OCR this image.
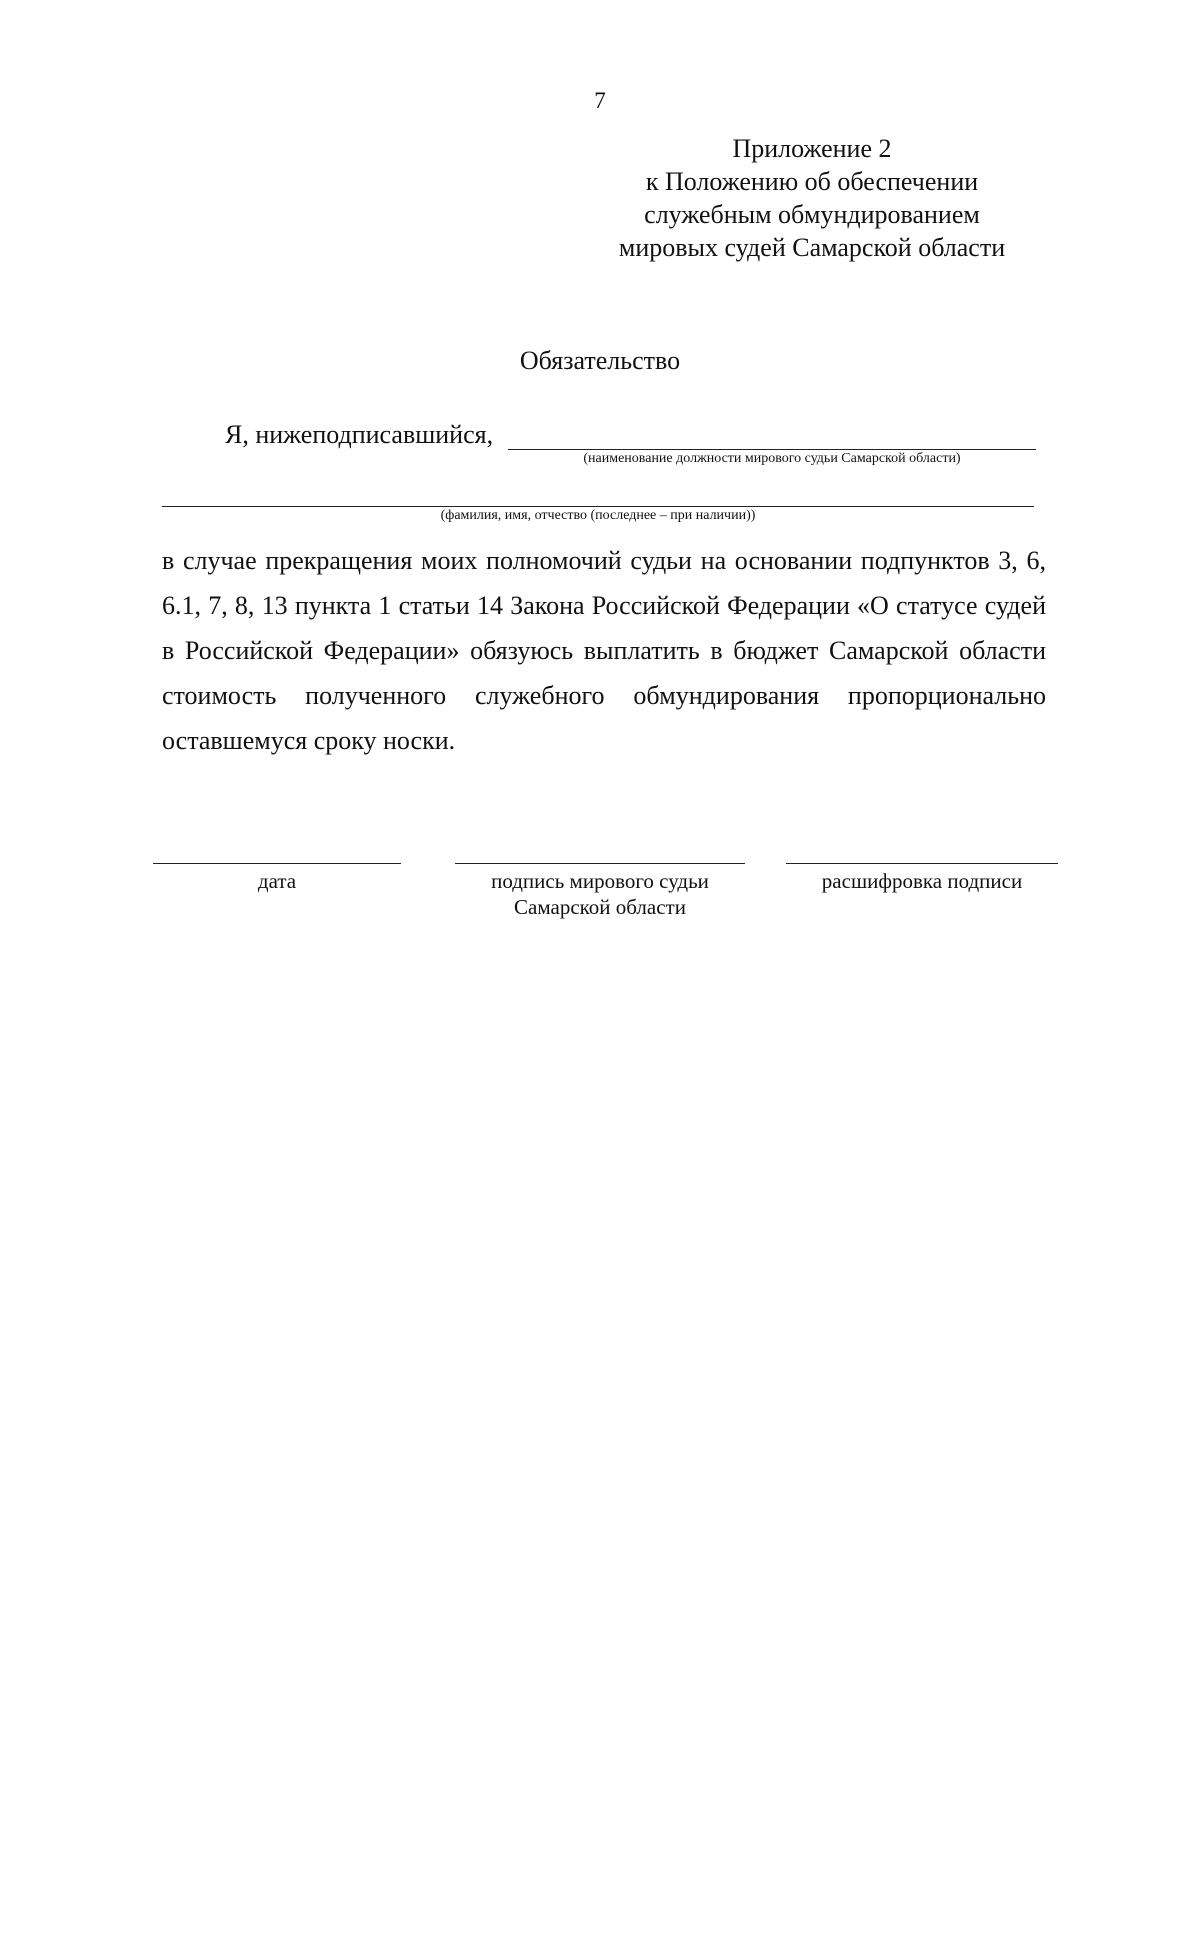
7
Приложение 2
к Положению об обеспечении
служебным обмундированием
мировых судей Самарской области
Обязательство
Я, нижеподписавшийся,
(наименование должности мирового судьи Самарской области)
(фамилия, имя, отчество (последнее – при наличии))
в случае прекращения моих полномочий судьи на основании подпунктов 3, 6, 6.1, 7, 8, 13 пункта 1 статьи 14 Закона Российской Федерации «О статусе судей в Российской Федерации» обязуюсь выплатить в бюджет Самарской области стоимость полученного служебного обмундирования пропорционально оставшемуся сроку носки.
дата	подпись мирового судьи
Самарской области
расшифровка подписи
